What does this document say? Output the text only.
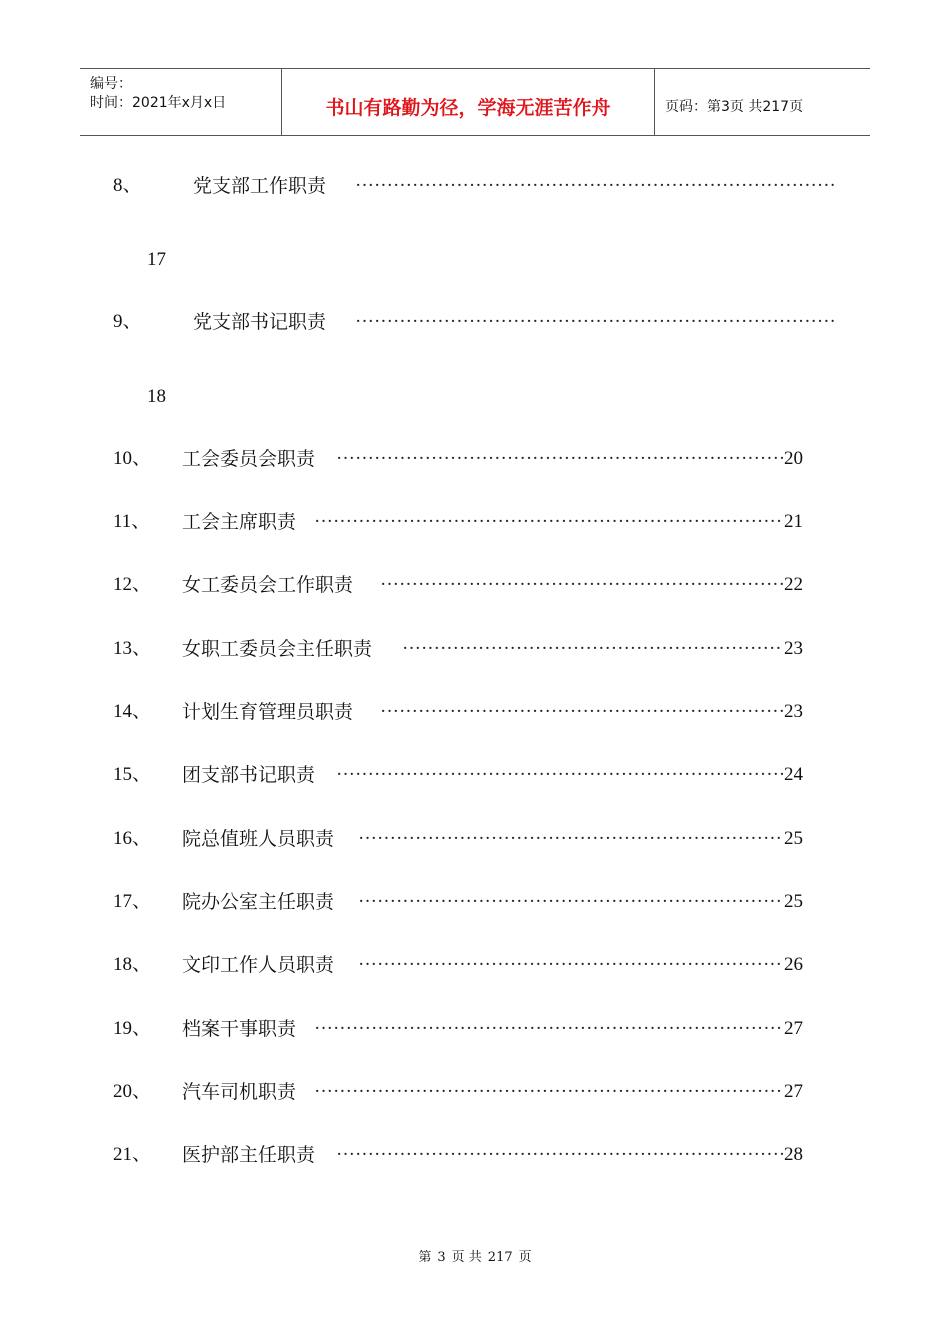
编号：
时间：2021年x月x日	书山有路勤为径，学海无涯苦作舟	页码：第3页 共217页
8、	党支部工作职责
·····
17
9、	党支部书记职责
·····
18
10、 工会委员会职责 ·····	20
11、 工会主席职责 ·····	21
12、 女工委员会工作职责 ·····	22
13、 女职工委员会主任职责 ·····	23
14、 计划生育管理员职责 ·····	23
15、 团支部书记职责 ·····	24
16、 院总值班人员职责 ·····	25
17、 院办公室主任职责 ·····	25
18、 文印工作人员职责 ·····	26
19、 档案干事职责 ·····	27
20、 汽车司机职责 ·····	27
21、 医护部主任职责 ·····	28
第 3 页 共 217 页
